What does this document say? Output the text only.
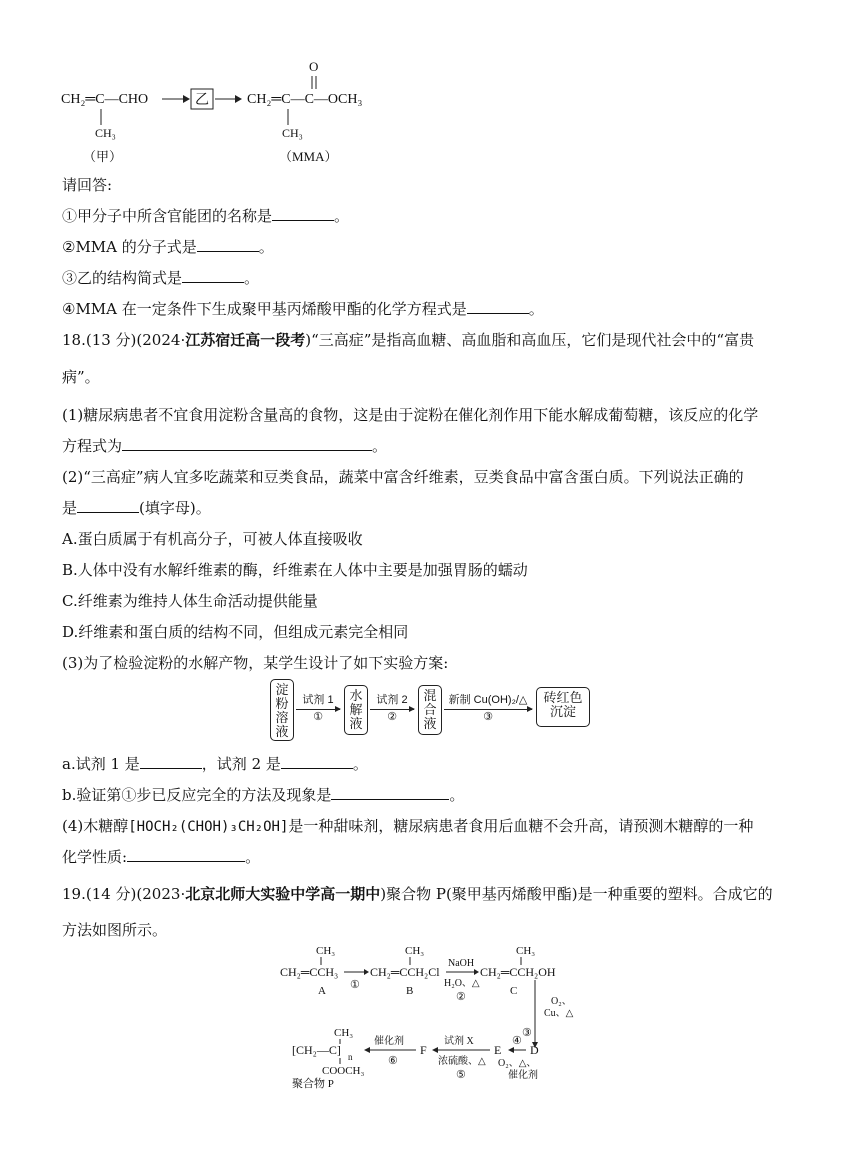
CH₂═C—CHO
CH₃
（甲）
乙
O
CH₂═C—C—OCH₃
CH₃
（MMA）
请回答:
①甲分子中所含官能团的名称是	。
②MMA 的分子式是	。
③乙的结构简式是	。
④MMA 在一定条件下生成聚甲基丙烯酸甲酯的化学方程式是	。
18.(13 分)(2024·江苏宿迁高一段考)“三高症”是指高血糖、高血脂和高血压，它们是现代社会中的“富贵
病”。
(1)糖尿病患者不宜食用淀粉含量高的食物，这是由于淀粉在催化剂作用下能水解成葡萄糖，该反应的化学
方程式为	。
(2)“三高症”病人宜多吃蔬菜和豆类食品，蔬菜中富含纤维素，豆类食品中富含蛋白质。下列说法正确的
是	(填字母)。
A.蛋白质属于有机高分子，可被人体直接吸收
B.人体中没有水解纤维素的酶，纤维素在人体中主要是加强胃肠的蠕动
C.纤维素为维持人体生命活动提供能量
D.纤维素和蛋白质的结构不同，但组成元素完全相同
(3)为了检验淀粉的水解产物，某学生设计了如下实验方案:
淀粉溶液
试剂 1
①
水解液
试剂 2
②
混合液
新制 Cu(OH)₂/△
③
砖红色沉淀
a.试剂 1 是	，试剂 2 是	。
b.验证第①步已反应完全的方法及现象是	。
(4)木糖醇[HOCH₂(CHOH)₃CH₂OH]是一种甜味剂，糖尿病患者食用后血糖不会升高，请预测木糖醇的一种
化学性质:	。
19.(14 分)(2023·北京北师大实验中学高一期中)聚合物 P(聚甲基丙烯酸甲酯)是一种重要的塑料。合成它的
方法如图所示。
CH₃
CH₂═CCH₃
A ①
CH₃
CH₂═CCH₂Cl
B
NaOH
H₂O、△
②
CH₃
CH₂═CCH₂OH
C
O₂、
Cu、△
③
D
④
O₂、△、
催化剂
E
试剂 X
浓硫酸、△
⑤
F
催化剂
⑥
CH₃
[CH₂—C] n
COOCH₃
聚合物 P
